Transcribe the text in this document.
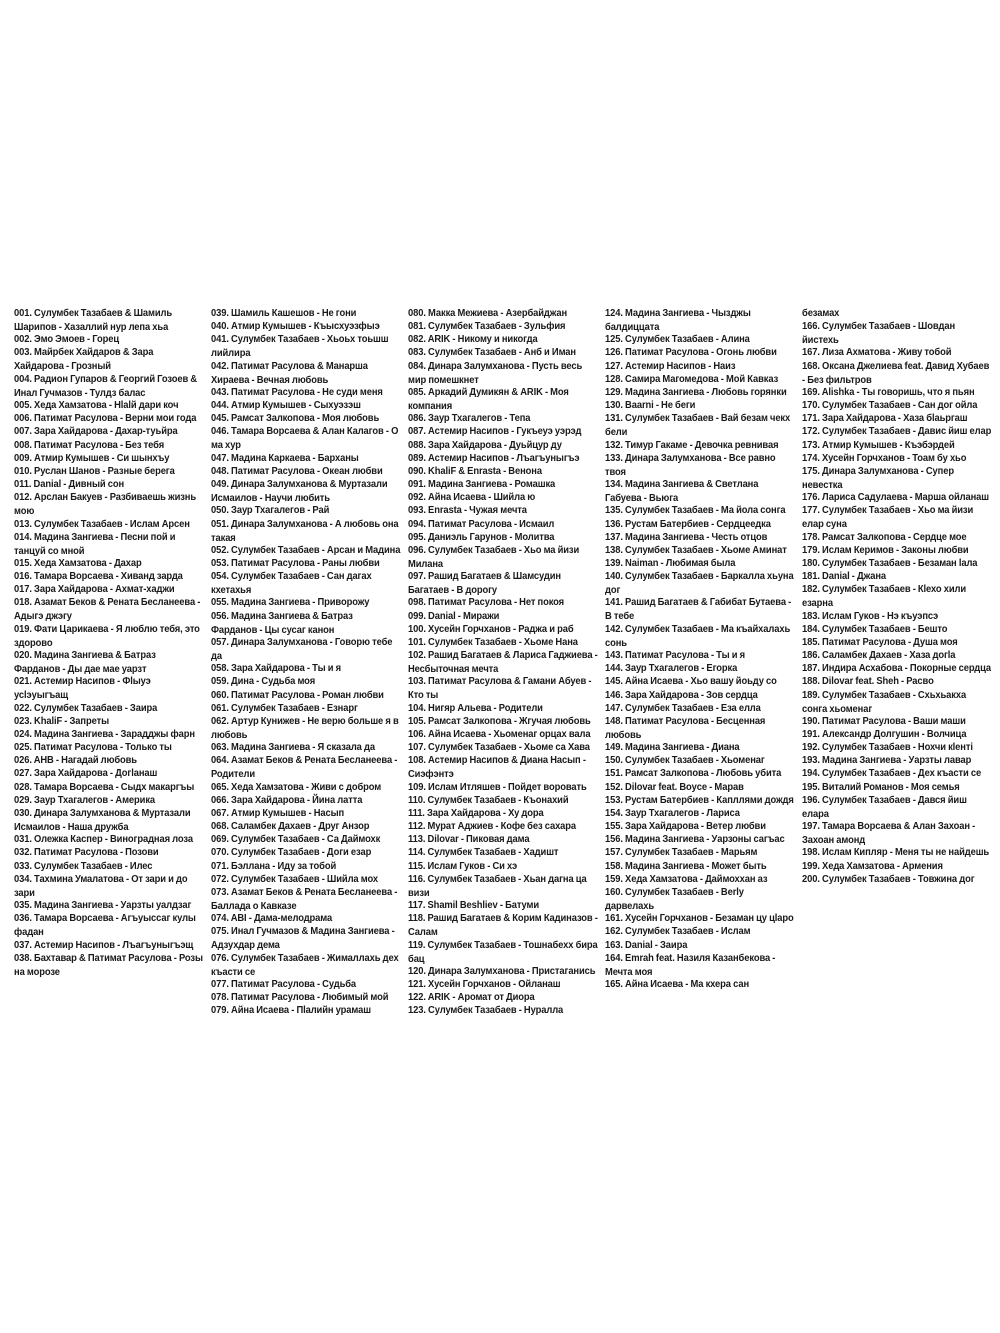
001. Сулумбек Тазабаев & Шамиль Шарипов - Хазаллий нур лепа хьа
002. Эмо Эмоев - Горец
003. Майрбек Хайдаров & Зара Хайдарова - Грозный
004. Радион Гупаров & Георгий Гозоев & Инал Гучмазов - Тулдз балас
005. Хеда Хамзатова - Нlаlй дари коч
006. Патимат Расулова - Верни мои года
007. Зара Хайдарова - Дахар-туьйра
008. Патимат Расулова - Без тебя
009. Атмир Кумышев - Си шынхъу
010. Руслан Шанов - Разные берега
011. Danial - Дивный сон
012. Арслан Бакуев - Разбиваешь жизнь мою
013. Сулумбек Тазабаев - Ислам Арсен
014. Мадина Зангиева - Песни пой и танцуй со мной
015. Хеда Хамзатова - Дахар
016. Тамара Ворсаева - Хиванд зарда
017. Зара Хайдарова - Ахмат-хаджи
018. Азамат Беков & Рената Бесланеева - Адыгэ джэгу
019. Фати Царикаева - Я люблю тебя, это здорово
020. Мадина Зангиева & Батраз Фарданов - Ды дае мае уарзт
021. Астемир Насипов - Фlыуэ усlэуыгъащ
022. Сулумбек Тазабаев - Заира
023. KhaliF - Запреты
024. Мадина Зангиева - Зарадджы фарн
025. Патимат Расулова - Только ты
026. AHB - Нагадай любовь
027. Зара Хайдарова - Догlанаш
028. Тамара Ворсаева - Сыдх макаргъы
029. Заур Тхагалегов - Америка
030. Динара Залумханова & Муртазали Исмаилов - Наша дружба
031. Олежка Каспер - Виноградная лоза
032. Патимат Расулова - Позови
033. Сулумбек Тазабаев - Илес
034. Тахмина Умалатова - От зари и до зари
035. Мадина Зангиева - Уарзты уалдзаг
036. Тамара Ворсаева - Агъуыссаг кулы фадан
037. Астемир Насипов - Лъагъуныгъэщ
038. Бахтавар & Патимат Расулова - Розы на морозе
039. Шамиль Кашешов - Не гони
040. Атмир Кумышев - Къысхуэзфыэ
041. Сулумбек Тазабаев - Хьоьх тоьшш лийлира
042. Патимат Расулова & Манарша Хираева - Вечная любовь
043. Патимат Расулова - Не суди меня
044. Атмир Кумышев - Сыхуэзэш
045. Рамсат Залкопова - Моя любовь
046. Тамара Ворсаева & Алан Калагов - О ма хур
047. Мадина Каркаева - Барханы
048. Патимат Расулова - Океан любви
049. Динара Залумханова & Муртазали Исмаилов - Научи любить
050. Заур Тхагалегов - Рай
051. Динара Залумханова - А любовь она такая
052. Сулумбек Тазабаев - Арсан и Мадина
053. Патимат Расулова - Раны любви
054. Сулумбек Тазабаев - Сан дагах кхетахья
055. Мадина Зангиева - Приворожу
056. Мадина Зангиева & Батраз Фарданов - Цы сусаг канон
057. Динара Залумханова - Говорю тебе да
058. Зара Хайдарова - Ты и я
059. Дина - Судьба моя
060. Патимат Расулова - Роман любви
061. Сулумбек Тазабаев - Езнарг
062. Артур Кунижев - Не верю больше я в любовь
063. Мадина Зангиева - Я сказала да
064. Азамат Беков & Рената Бесланеева - Родители
065. Хеда Хамзатова - Живи с добром
066. Зара Хайдарова - Йина латта
067. Атмир Кумышев - Насып
068. Саламбек Дахаев - Друг Анзор
069. Сулумбек Тазабаев - Са Даймохк
070. Сулумбек Тазабаев - Доги езар
071. Бэллана - Иду за тобой
072. Сулумбек Тазабаев - Шийла мох
073. Азамат Беков & Рената Бесланеева - Баллада о Кавказе
074. ABI - Дама-мелодрама
075. Инал Гучмазов & Мадина Зангиева - Адзухдар дема
076. Сулумбек Тазабаев - Жималлахь дех къасти се
077. Патимат Расулова - Судьба
078. Патимат Расулова - Любимый мой
079. Айна Исаева - Пlалийн урамаш
080. Макка Межиева - Азербайджан
081. Сулумбек Тазабаев - Зульфия
082. ARIK - Никому и никогда
083. Сулумбек Тазабаев - Анб и Иман
084. Динара Залумханова - Пусть весь мир помешкнет
085. Аркадий Думикян & ARIK - Моя компания
086. Заур Тхагалегов - Тепа
087. Астемир Насипов - Гукъеуэ уэрэд
088. Зара Хайдарова - Дуьйцур ду
089. Астемир Насипов - Лъагъуныгъэ
090. KhaliF & Enrasta - Венона
091. Мадина Зангиева - Ромашка
092. Айна Исаева - Шийла ю
093. Enrasta - Чужая мечта
094. Патимат Расулова - Исмаил
095. Даниэль Гарунов - Молитва
096. Сулумбек Тазабаев - Хьо ма йизи Милана
097. Рашид Багатаев & Шамсудин Багатаев - В дорогу
098. Патимат Расулова - Нет покоя
099. Danial - Миражи
100. Хусейн Горчханов - Раджа и раб
101. Сулумбек Тазабаев - Хьоме Нана
102. Рашид Багатаев & Лариса Гаджиева - Несбыточная мечта
103. Патимат Расулова & Гамани Абуев - Кто ты
104. Нигяр Альева - Родители
105. Рамсат Залкопова - Жгучая любовь
106. Айна Исаева - Хьоменаг орцах вала
107. Сулумбек Тазабаев - Хьоме са Хава
108. Астемир Насипов & Диана Насып - Сиэфэнтэ
109. Ислам Итляшев - Пойдет воровать
110. Сулумбек Тазабаев - Къонахий
111. Зара Хайдарова - Ху дора
112. Мурат Аджиев - Кофе без сахара
113. Dilovar - Пиковая дама
114. Сулумбек Тазабаев - Хадишт
115. Ислам Гуков - Си хэ
116. Сулумбек Тазабаев - Хьан дагна ца визи
117. Shamil Beshliev - Батуми
118. Рашид Багатаев & Корим Кадиназов - Салам
119. Сулумбек Тазабаев - Тошнабехх бира бац
120. Динара Залумханова - Пристаганись
121. Хусейн Горчханов - Ойланаш
122. ARIK - Аромат от Диора
123. Сулумбек Тазабаев - Нуралла
124. Мадина Зангиева - Чызджы балдиццата
125. Сулумбек Тазабаев - Алина
126. Патимат Расулова - Огонь любви
127. Астемир Насипов - Наиз
128. Самира Магомедова - Мой Кавказ
129. Мадина Зангиева - Любовь горянки
130. Baarni - Не беги
131. Сулумбек Тазабаев - Вай безам чекх бели
132. Тимур Гакаме - Девочка ревнивая
133. Динара Залумханова - Все равно твоя
134. Мадина Зангиева & Светлана Габуева - Вьюга
135. Сулумбек Тазабаев - Ма йола сонга
136. Рустам Батербиев - Сердцеедка
137. Мадина Зангиева - Честь отцов
138. Сулумбек Тазабаев - Хьоме Аминат
139. Naiman - Любимая была
140. Сулумбек Тазабаев - Баркалла хьуна дог
141. Рашид Багатаев & Габибат Бутаева - В тебе
142. Сулумбек Тазабаев - Ма къайхалахь сонь
143. Патимат Расулова - Ты и я
144. Заур Тхагалегов - Егорка
145. Айна Исаева - Хьо вашу йоьду со
146. Зара Хайдарова - Зов сердца
147. Сулумбек Тазабаев - Еза елла
148. Патимат Расулова - Бесценная любовь
149. Мадина Зангиева - Диана
150. Сулумбек Тазабаев - Хьоменаг
151. Рамсат Залкопова - Любовь убита
152. Dilovar feat. Boyce - Марав
153. Рустам Батербиев - Капллями дождя
154. Заур Тхагалегов - Лариса
155. Зара Хайдарова - Ветер любви
156. Мадина Зангиева - Уарзоны сагъас
157. Сулумбек Тазабаев - Марьям
158. Мадина Зангиева - Может быть
159. Хеда Хамзатова - Даймоххан аз
160. Сулумбек Тазабаев - Berly дарвелахь
161. Хусейн Горчханов - Безаман цу цlаро
162. Сулумбек Тазабаев - Ислам
163. Danial - Заира
164. Emrah feat. Назиля Казанбекова - Мечта моя
165. Айна Исаева - Ма кхера сан
безамах
166. Сулумбек Тазабаев - Шовдан йистехь
167. Лиза Ахматова - Живу тобой
168. Оксана Джелиева feat. Давид Хубаев - Без фильтров
169. Alishka - Ты говоришь, что я пьян
170. Сулумбек Тазабаев - Сан дог ойла
171. Зара Хайдарова - Хаза бlаьргаш
172. Сулумбек Тазабаев - Давис йиш елар
173. Атмир Кумышев - Къэбэрдей
174. Хусейн Горчханов - Тоам бу хьо
175. Динара Залумханова - Супер невестка
176. Лариса Садулаева - Марша ойланаш
177. Сулумбек Тазабаев - Хьо ма йизи елар суна
178. Рамсат Залкопова - Сердце мое
179. Ислам Керимов - Законы любви
180. Сулумбек Тазабаев - Безаман lалa
181. Danial - Джана
182. Сулумбек Тазабаев - Кlехо хили езарна
183. Ислам Гуков - Нэ къуэпсэ
184. Сулумбек Тазабаев - Бешто
185. Патимат Расулова - Душа моя
186. Саламбек Дахаев - Хаза догlа
187. Индира Асхабова - Покорные сердца
188. Dilovar feat. Sheh - Расво
189. Сулумбек Тазабаев - Схьхьакха сонга хьоменаг
190. Патимат Расулова - Ваши маши
191. Александр Долгушин - Волчица
192. Сулумбек Тазабаев - Нохчи кlентi
193. Мадина Зангиева - Уарзты лавар
194. Сулумбек Тазабаев - Дех къасти се
195. Виталий Романов - Моя семья
196. Сулумбек Тазабаев - Дався йиш елара
197. Тамара Ворсаева & Алан Захоан - Захоан амонд
198. Ислам Кипляр - Меня ты не найдешь
199. Хеда Хамзатова - Армения
200. Сулумбек Тазабаев - Товжина дог
